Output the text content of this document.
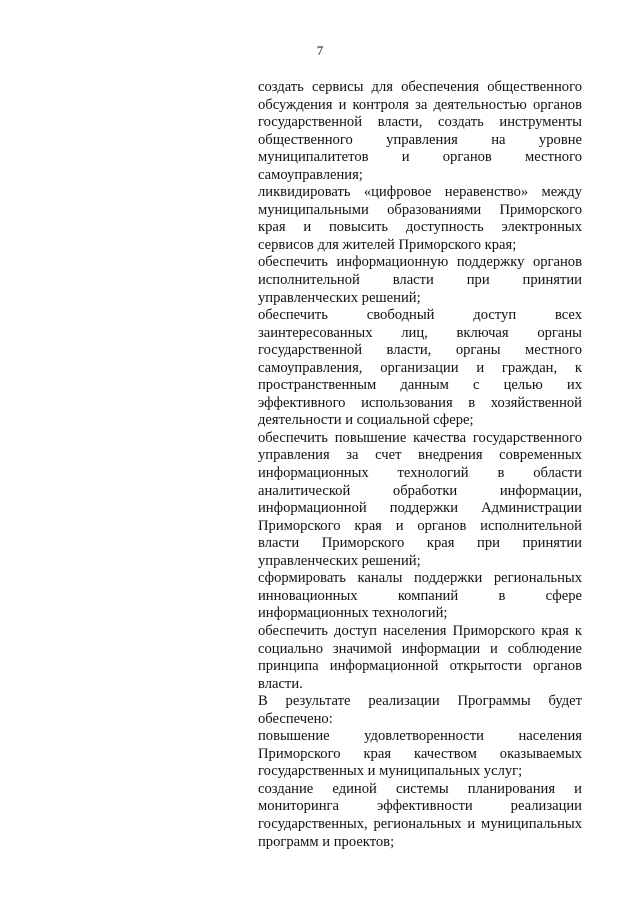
7
создать сервисы для обеспечения общественного
обсуждения и контроля за деятельностью органов
государственной власти, создать инструменты
общественного управления на уровне
муниципалитетов и органов местного
самоуправления;
ликвидировать «цифровое неравенство» между
муниципальными образованиями Приморского
края и повысить доступность электронных
сервисов для жителей Приморского края;
обеспечить информационную поддержку органов
исполнительной власти при принятии
управленческих решений;
обеспечить свободный доступ всех
заинтересованных лиц, включая органы
государственной власти, органы местного
самоуправления, организации и граждан, к
пространственным данным с целью их
эффективного использования в хозяйственной
деятельности и социальной сфере;
обеспечить повышение качества государственного
управления за счет внедрения современных
информационных технологий в области
аналитической обработки информации,
информационной поддержки Администрации
Приморского края и органов исполнительной
власти Приморского края при принятии
управленческих решений;
сформировать каналы поддержки региональных
инновационных компаний в сфере
информационных технологий;
обеспечить доступ населения Приморского края к
социально значимой информации и соблюдение
принципа информационной открытости органов
власти.
В результате реализации Программы будет
обеспечено:
повышение удовлетворенности населения
Приморского края качеством оказываемых
государственных и муниципальных услуг;
создание единой системы планирования и
мониторинга эффективности реализации
государственных, региональных и муниципальных
программ и проектов;
